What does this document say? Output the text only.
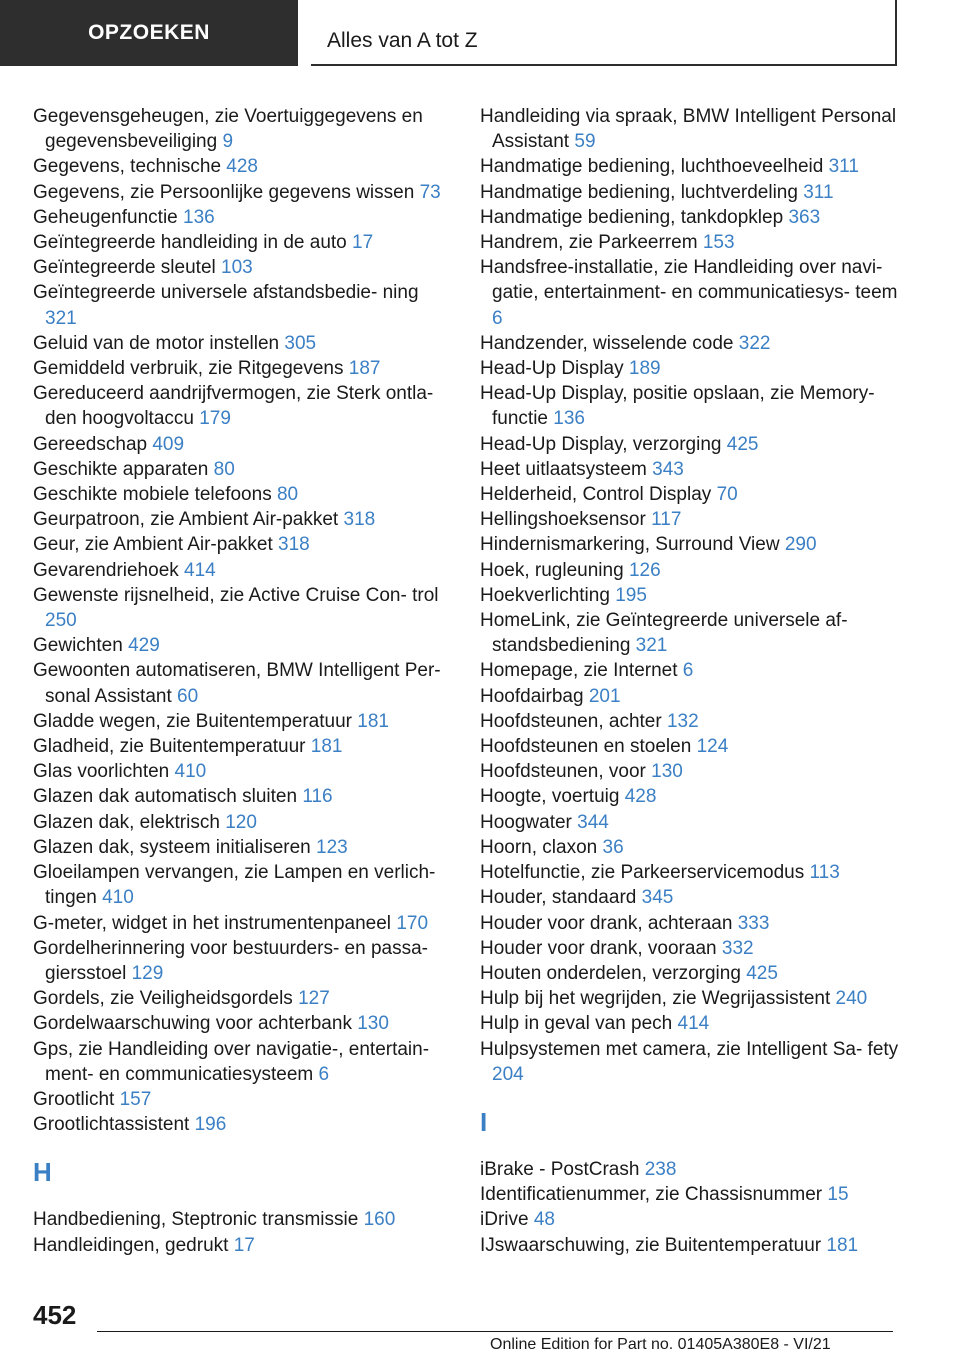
OPZOEKEN	Alles van A tot Z
Gegevensgeheugen, zie Voertuiggegevens en gegevensbeveiliging 9
Gegevens, technische 428
Gegevens, zie Persoonlijke gegevens wissen 73
Geheugenfunctie 136
Geïntegreerde handleiding in de auto 17
Geïntegreerde sleutel 103
Geïntegreerde universele afstandsbedie‐ ning 321
Geluid van de motor instellen 305
Gemiddeld verbruik, zie Ritgegevens 187
Gereduceerd aandrijfvermogen, zie Sterk ontla‐ den hoogvoltaccu 179
Gereedschap 409
Geschikte apparaten 80
Geschikte mobiele telefoons 80
Geurpatroon, zie Ambient Air-pakket 318
Geur, zie Ambient Air-pakket 318
Gevarendriehoek 414
Gewenste rijsnelheid, zie Active Cruise Con‐ trol 250
Gewichten 429
Gewoonten automatiseren, BMW Intelligent Per‐ sonal Assistant 60
Gladde wegen, zie Buitentemperatuur 181
Gladheid, zie Buitentemperatuur 181
Glas voorlichten 410
Glazen dak automatisch sluiten 116
Glazen dak, elektrisch 120
Glazen dak, systeem initialiseren 123
Gloeilampen vervangen, zie Lampen en verlich‐ tingen 410
G-meter, widget in het instrumentenpaneel 170
Gordelherinnering voor bestuurders- en passa‐ giersstoel 129
Gordels, zie Veiligheidsgordels 127
Gordelwaarschuwing voor achterbank 130
Gps, zie Handleiding over navigatie-, entertain‐ ment- en communicatiesysteem 6
Grootlicht 157
Grootlichtassistent 196
H
Handbediening, Steptronic transmissie 160
Handleidingen, gedrukt 17
Handleiding via spraak, BMW Intelligent Personal Assistant 59
Handmatige bediening, luchthoeveelheid 311
Handmatige bediening, luchtverdeling 311
Handmatige bediening, tankdopklep 363
Handrem, zie Parkeerrem 153
Handsfree-installatie, zie Handleiding over navi‐ gatie, entertainment- en communicatiesys‐ teem 6
Handzender, wisselende code 322
Head-Up Display 189
Head-Up Display, positie opslaan, zie Memory‐ functie 136
Head-Up Display, verzorging 425
Heet uitlaatsysteem 343
Helderheid, Control Display 70
Hellingshoeksensor 117
Hindernismarkering, Surround View 290
Hoek, rugleuning 126
Hoekverlichting 195
HomeLink, zie Geïntegreerde universele af‐ standsbediening 321
Homepage, zie Internet 6
Hoofdairbag 201
Hoofdsteunen, achter 132
Hoofdsteunen en stoelen 124
Hoofdsteunen, voor 130
Hoogte, voertuig 428
Hoogwater 344
Hoorn, claxon 36
Hotelfunctie, zie Parkeerservicemodus 113
Houder, standaard 345
Houder voor drank, achteraan 333
Houder voor drank, vooraan 332
Houten onderdelen, verzorging 425
Hulp bij het wegrijden, zie Wegrijassistent 240
Hulp in geval van pech 414
Hulpsystemen met camera, zie Intelligent Sa‐ fety 204
I
iBrake - PostCrash 238
Identificatienummer, zie Chassisnummer 15
iDrive 48
IJswaarschuwing, zie Buitentemperatuur 181
452
Online Edition for Part no. 01405A380E8 - VI/21
